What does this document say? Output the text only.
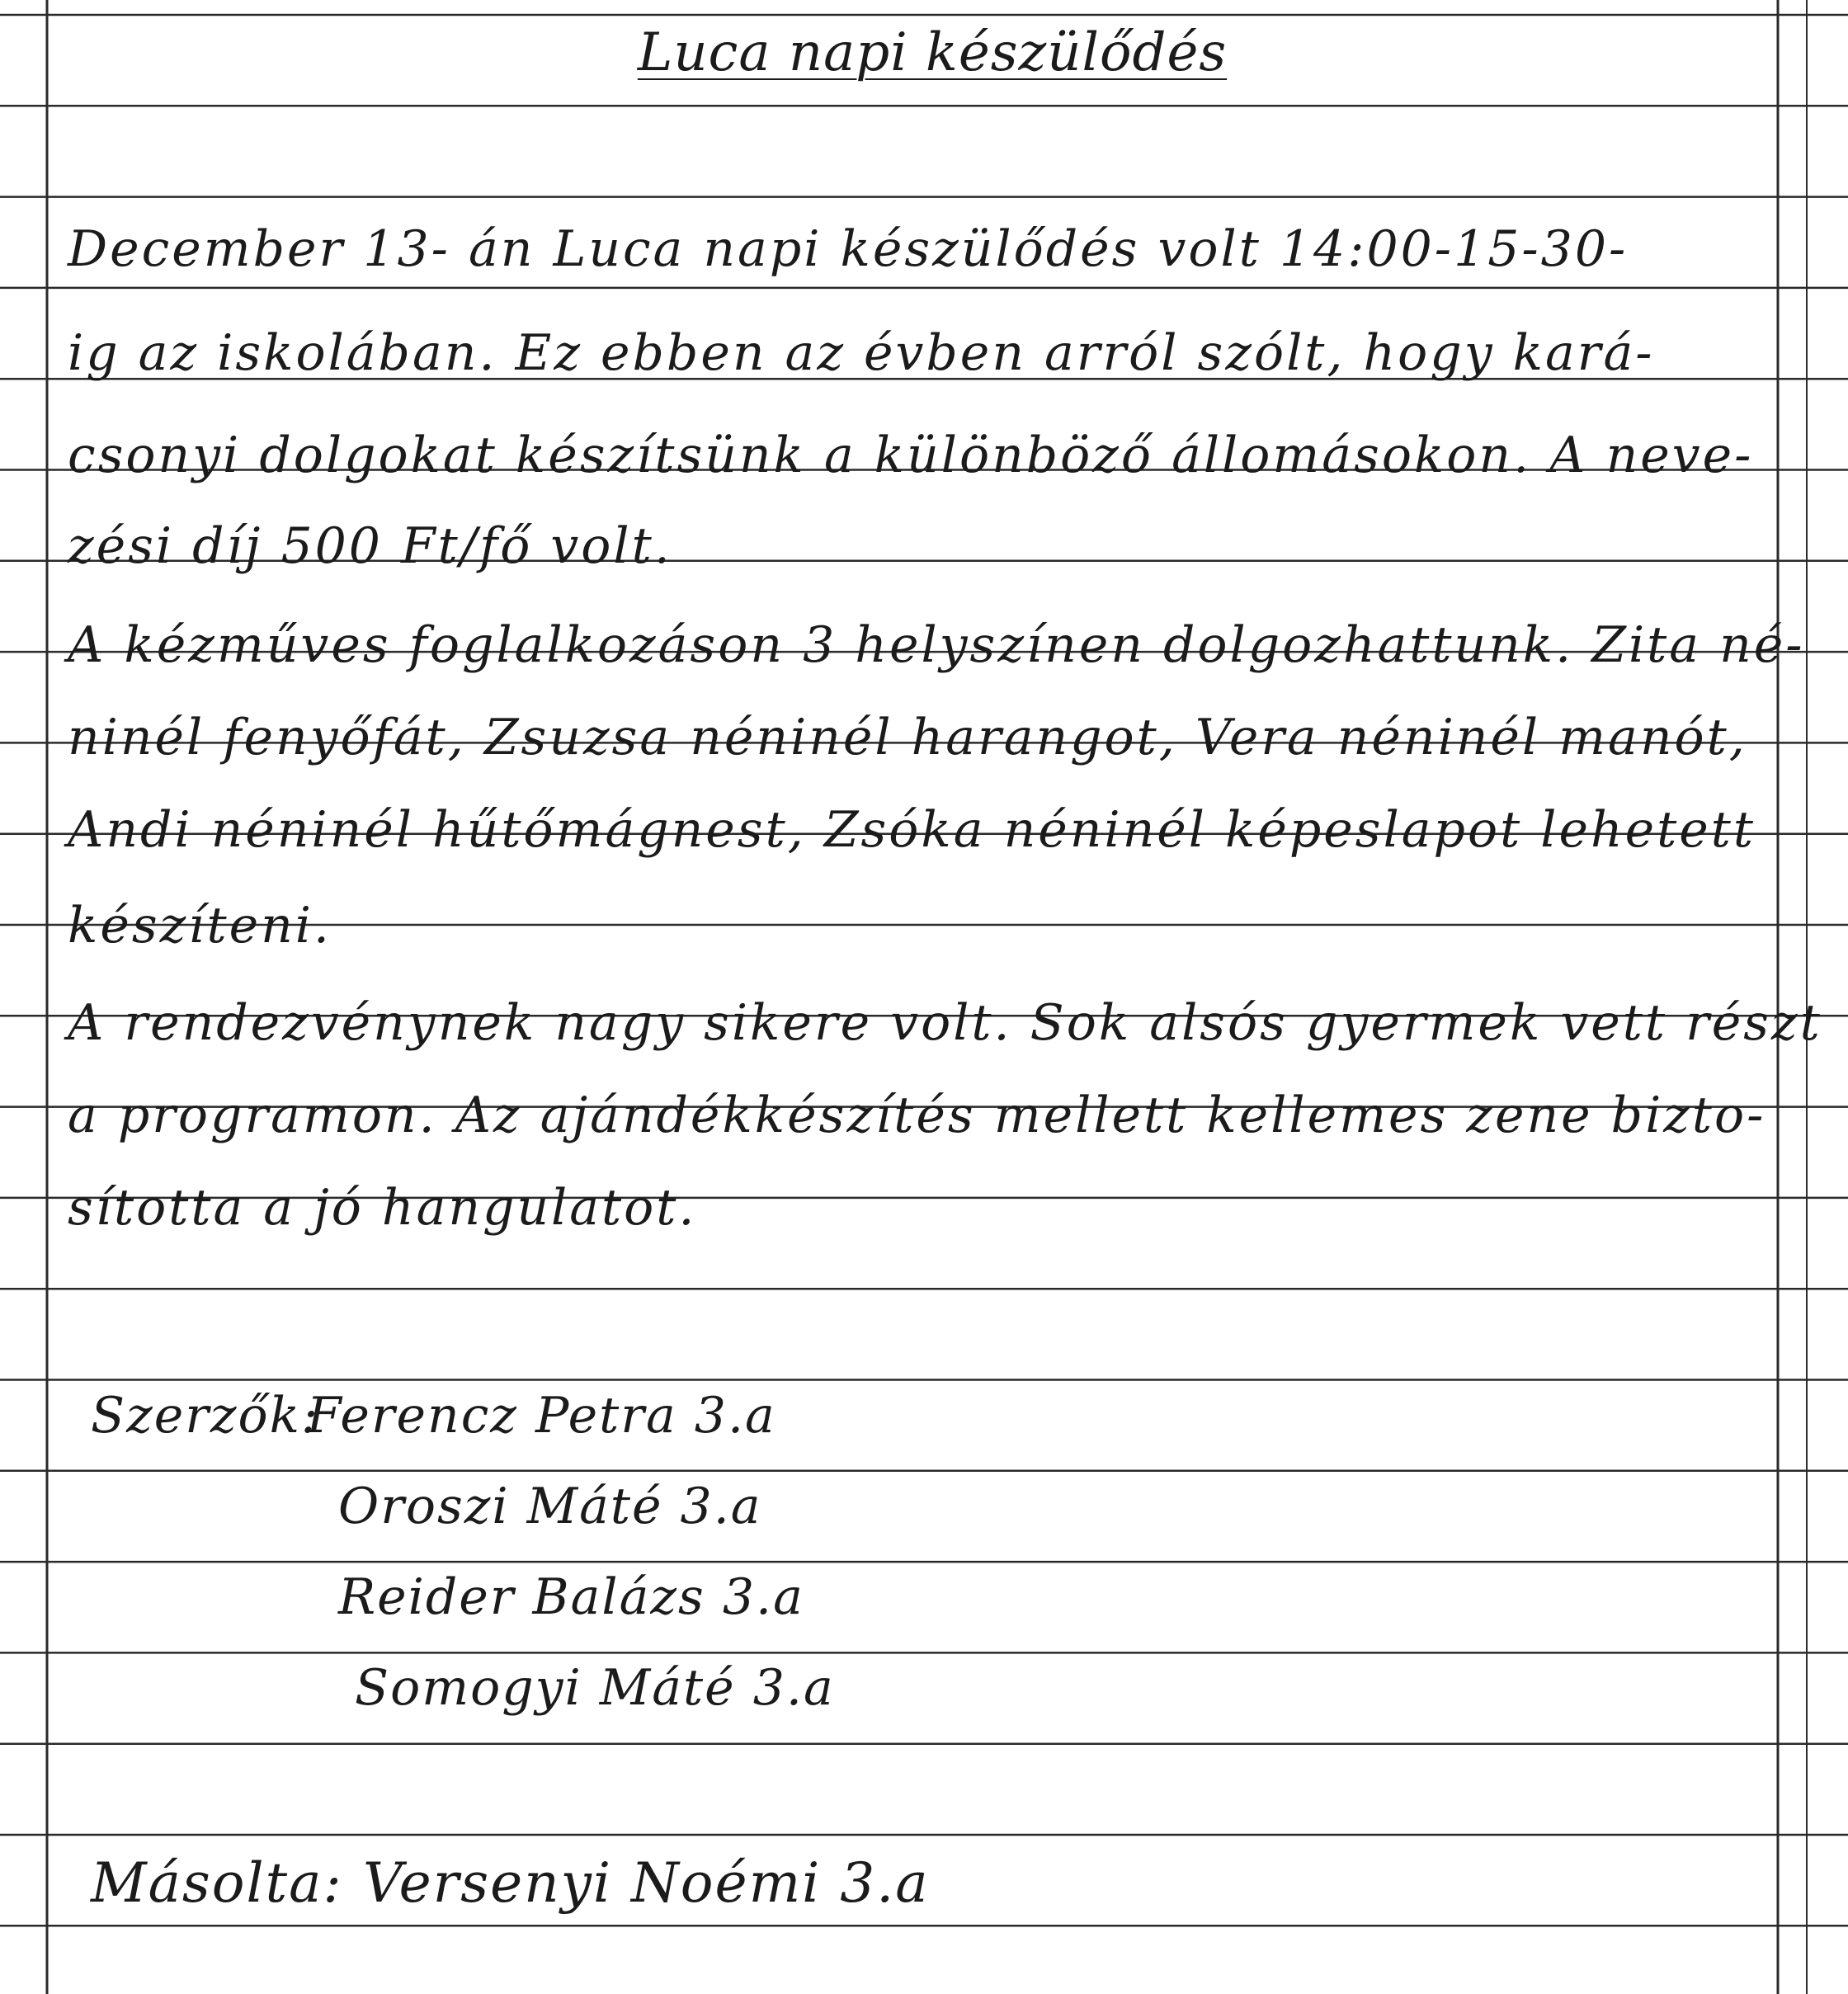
Luca napi készülődés
December 13- án Luca napi készülődés volt 14:00-15-30-
ig az iskolában. Ez ebben az évben arról szólt, hogy kará-
csonyi dolgokat készítsünk a különböző állomásokon. A neve-
zési díj 500 Ft/fő volt.
A kézműves foglalkozáson 3 helyszínen dolgozhattunk. Zita né-
ninél fenyőfát, Zsuzsa néninél harangot, Vera néninél manót,
Andi néninél hűtőmágnest, Zsóka néninél képeslapot lehetett
készíteni.
A rendezvénynek nagy sikere volt. Sok alsós gyermek vett részt
a programon. Az ajándékkészítés mellett kellemes zene bizto-
sította a jó hangulatot.
Szerzők:
Ferencz Petra 3.a
Oroszi Máté 3.a
Reider Balázs 3.a
Somogyi Máté 3.a
Másolta: Versenyi Noémi 3.a
